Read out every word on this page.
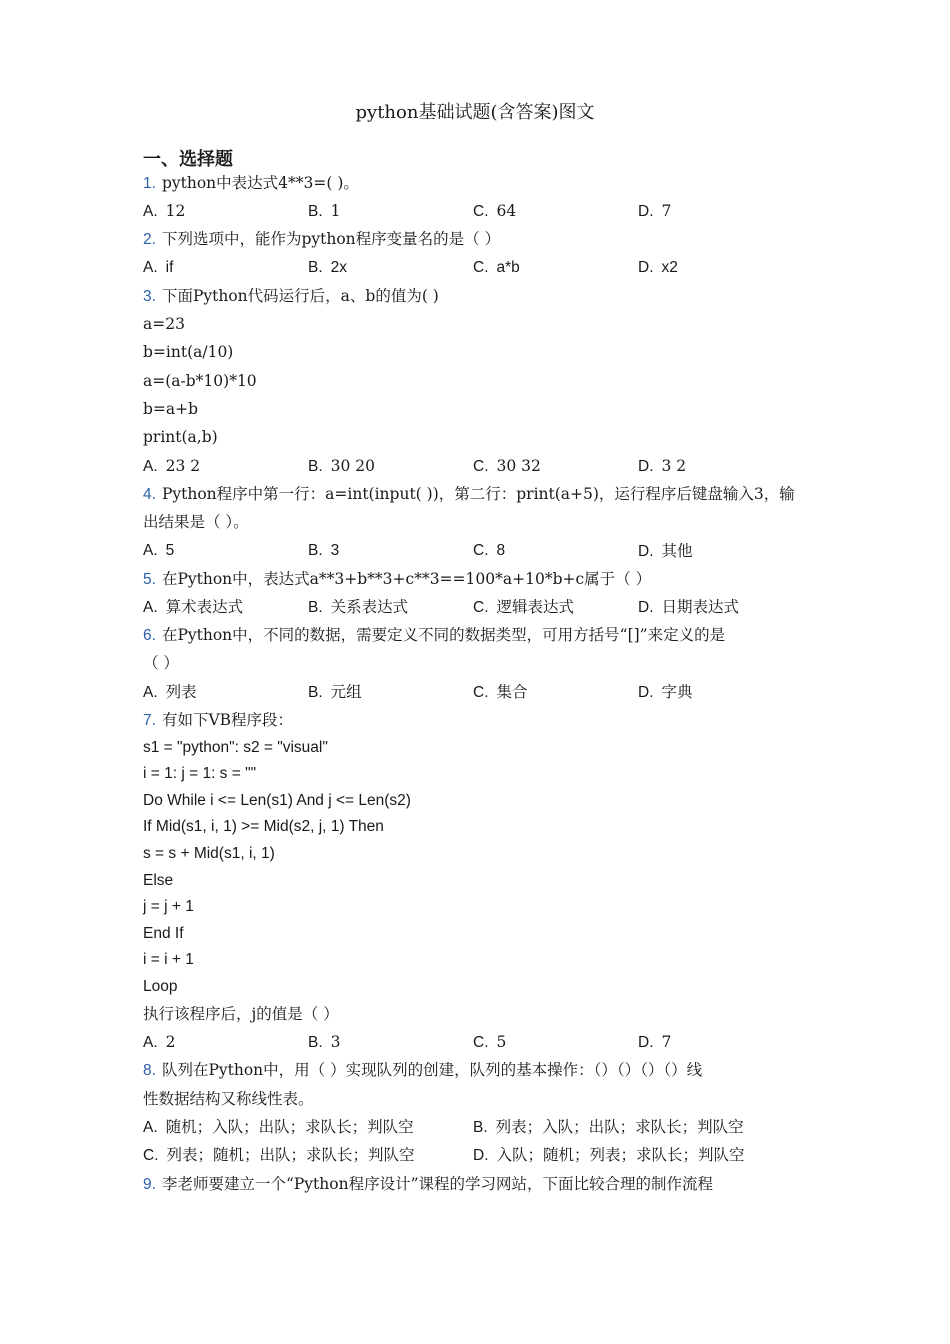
python基础试题(含答案)图文
一、选择题
1. python中表达式4**3=( )。
A. 12	B. 1	C. 64	D. 7
2. 下列选项中，能作为python程序变量名的是（ ）
A. if	B. 2x	C. a*b	D. x2
3. 下面Python代码运行后，a、b的值为( )
a=23
b=int(a/10)
a=(a-b*10)*10
b=a+b
print(a,b)
A. 23 2	B. 30 20	C. 30 32	D. 3 2
4. Python程序中第一行：a=int(input( ))，第二行：print(a+5)，运行程序后键盘输入3，输
出结果是（ ）。
A. 5	B. 3	C. 8	D. 其他
5. 在Python中，表达式a**3+b**3+c**3==100*a+10*b+c属于（ ）
A. 算术表达式	B. 关系表达式	C. 逻辑表达式	D. 日期表达式
6. 在Python中，不同的数据，需要定义不同的数据类型，可用方括号“[]”来定义的是
（ ）
A. 列表	B. 元组	C. 集合	D. 字典
7. 有如下VB程序段：
s1 = "python": s2 = "visual"
i = 1: j = 1: s = ""
Do While i <= Len(s1) And j <= Len(s2)
If Mid(s1, i, 1) >= Mid(s2, j, 1) Then
s = s + Mid(s1, i, 1)
Else
j = j + 1
End If
i = i + 1
Loop
执行该程序后，j的值是（ ）
A. 2	B. 3	C. 5	D. 7
8. 队列在Python中，用（ ）实现队列的创建，队列的基本操作：（）（）（）（）线
性数据结构又称线性表。
A. 随机；入队；出队；求队长；判队空	B. 列表；入队；出队；求队长；判队空
C. 列表；随机；出队；求队长；判队空	D. 入队；随机；列表；求队长；判队空
9. 李老师要建立一个“Python程序设计”课程的学习网站，下面比较合理的制作流程
